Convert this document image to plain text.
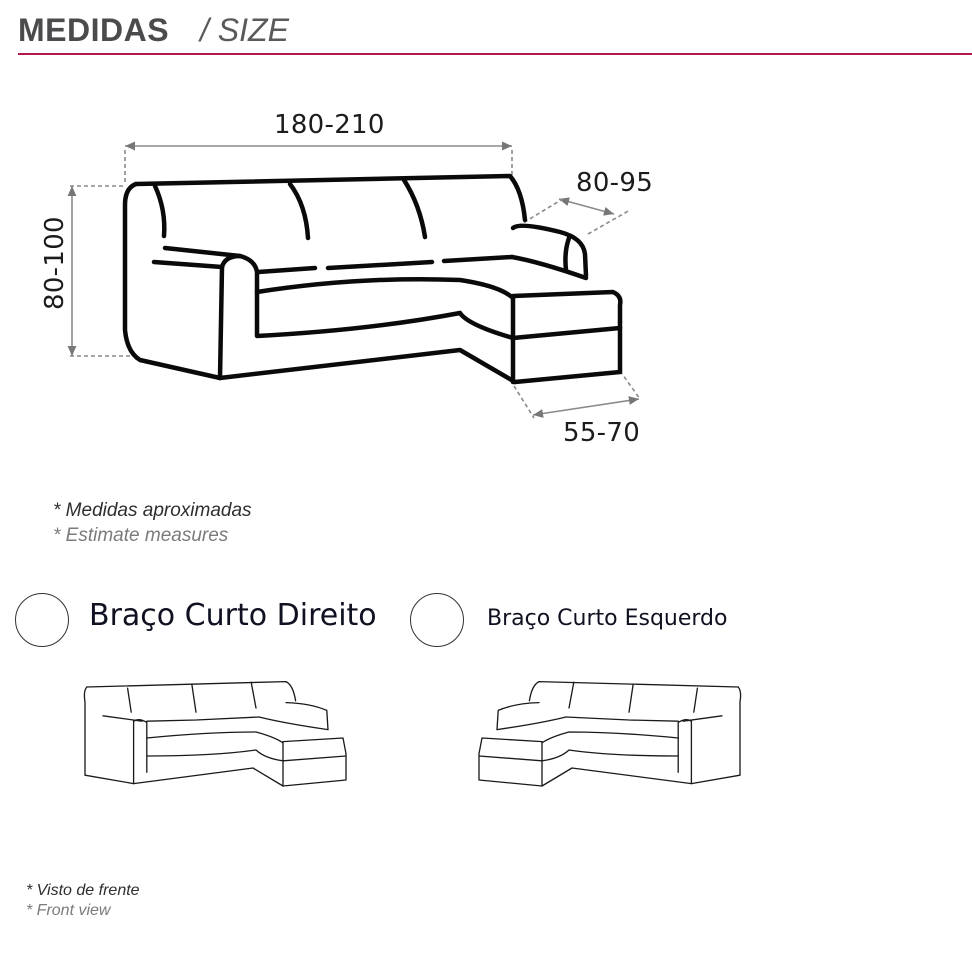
MEDIDAS / SIZE
180-210
80-100
80-95
55-70
* Medidas aproximadas
* Estimate measures
Braço Curto Direito	Braço Curto Esquerdo
* Visto de frente
* Front view
